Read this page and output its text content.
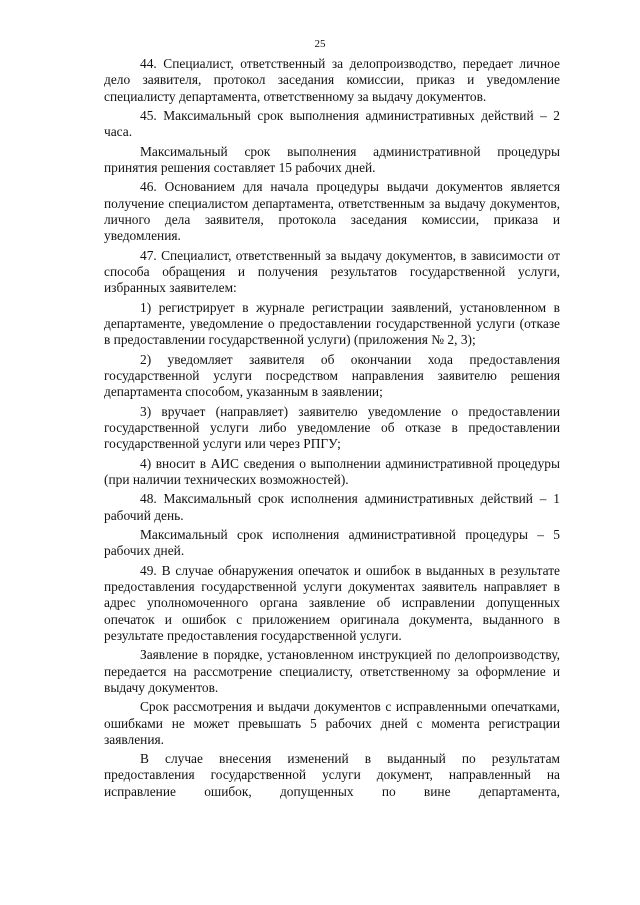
25

44. Специалист, ответственный за делопроизводство, передает личное дело заявителя, протокол заседания комиссии, приказ и уведомление специалисту департамента, ответственному за выдачу документов.

45. Максимальный срок выполнения административных действий – 2 часа.

Максимальный срок выполнения административной процедуры принятия решения составляет 15 рабочих дней.

46. Основанием для начала процедуры выдачи документов является получение специалистом департамента, ответственным за выдачу документов, личного дела заявителя, протокола заседания комиссии, приказа и уведомления.

47. Специалист, ответственный за выдачу документов, в зависимости от способа обращения и получения результатов государственной услуги, избранных заявителем:

1) регистрирует в журнале регистрации заявлений, установленном в департаменте, уведомление о предоставлении государственной услуги (отказе в предоставлении государственной услуги) (приложения № 2, 3);

2) уведомляет заявителя об окончании хода предоставления государственной услуги посредством направления заявителю решения департамента способом, указанным в заявлении;

3) вручает (направляет) заявителю уведомление о предоставлении государственной услуги либо уведомление об отказе в предоставлении государственной услуги или через РПГУ;

4) вносит в АИС сведения о выполнении административной процедуры (при наличии технических возможностей).

48. Максимальный срок исполнения административных действий – 1 рабочий день.

Максимальный срок исполнения административной процедуры – 5 рабочих дней.

49. В случае обнаружения опечаток и ошибок в выданных в результате предоставления государственной услуги документах заявитель направляет в адрес уполномоченного органа заявление об исправлении допущенных опечаток и ошибок с приложением оригинала документа, выданного в результате предоставления государственной услуги.

Заявление в порядке, установленном инструкцией по делопроизводству, передается на рассмотрение специалисту, ответственному за оформление и выдачу документов.

Срок рассмотрения и выдачи документов с исправленными опечатками, ошибками не может превышать 5 рабочих дней с момента регистрации заявления.

В случае внесения изменений в выданный по результатам предоставления государственной услуги документ, направленный на исправление ошибок, допущенных по вине департамента,
